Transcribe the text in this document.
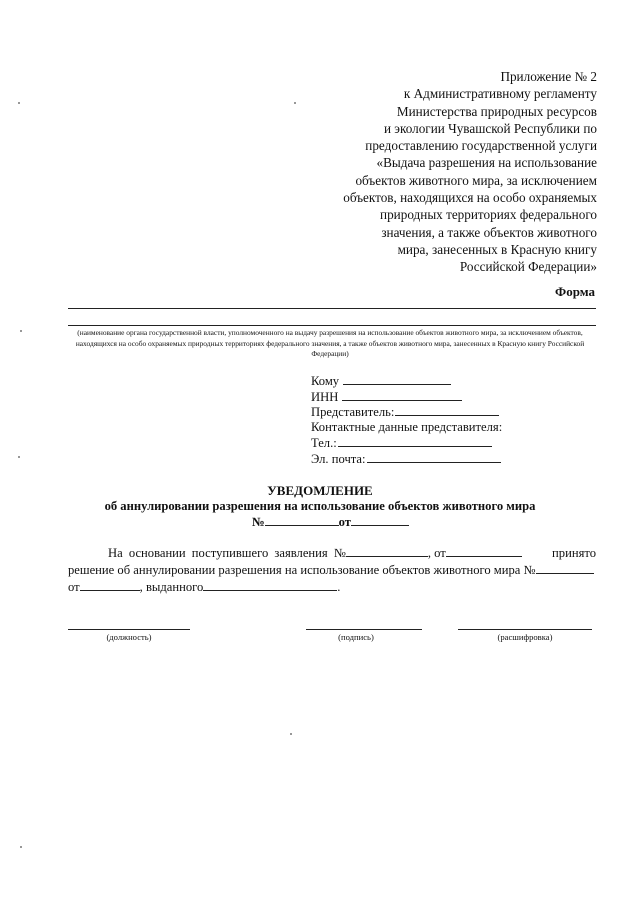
Приложение № 2
к Административному регламенту
Министерства природных ресурсов
и экологии Чувашской Республики по
предоставлению государственной услуги
«Выдача разрешения на использование
объектов животного мира, за исключением
объектов, находящихся на особо охраняемых
природных территориях федерального
значения, а также объектов животного
мира, занесенных в Красную книгу
Российской Федерации»
Форма
(наименование органа государственной власти, уполномоченного на выдачу разрешения на использование объектов животного мира, за исключением объектов, находящихся на особо охраняемых природных территориях федерального значения, а также объектов животного мира, занесенных в Красную книгу Российской Федерации)
Кому
ИНН
Представитель:
Контактные данные представителя:
Тел.:
Эл. почта:
УВЕДОМЛЕНИЕ
об аннулировании разрешения на использование объектов животного мира
№	от
На основании поступившего заявления №	, от	принято
решение об аннулировании разрешения на использование объектов животного мира №
от	, выданного	.
(должность)	(подпись)	(расшифровка)
